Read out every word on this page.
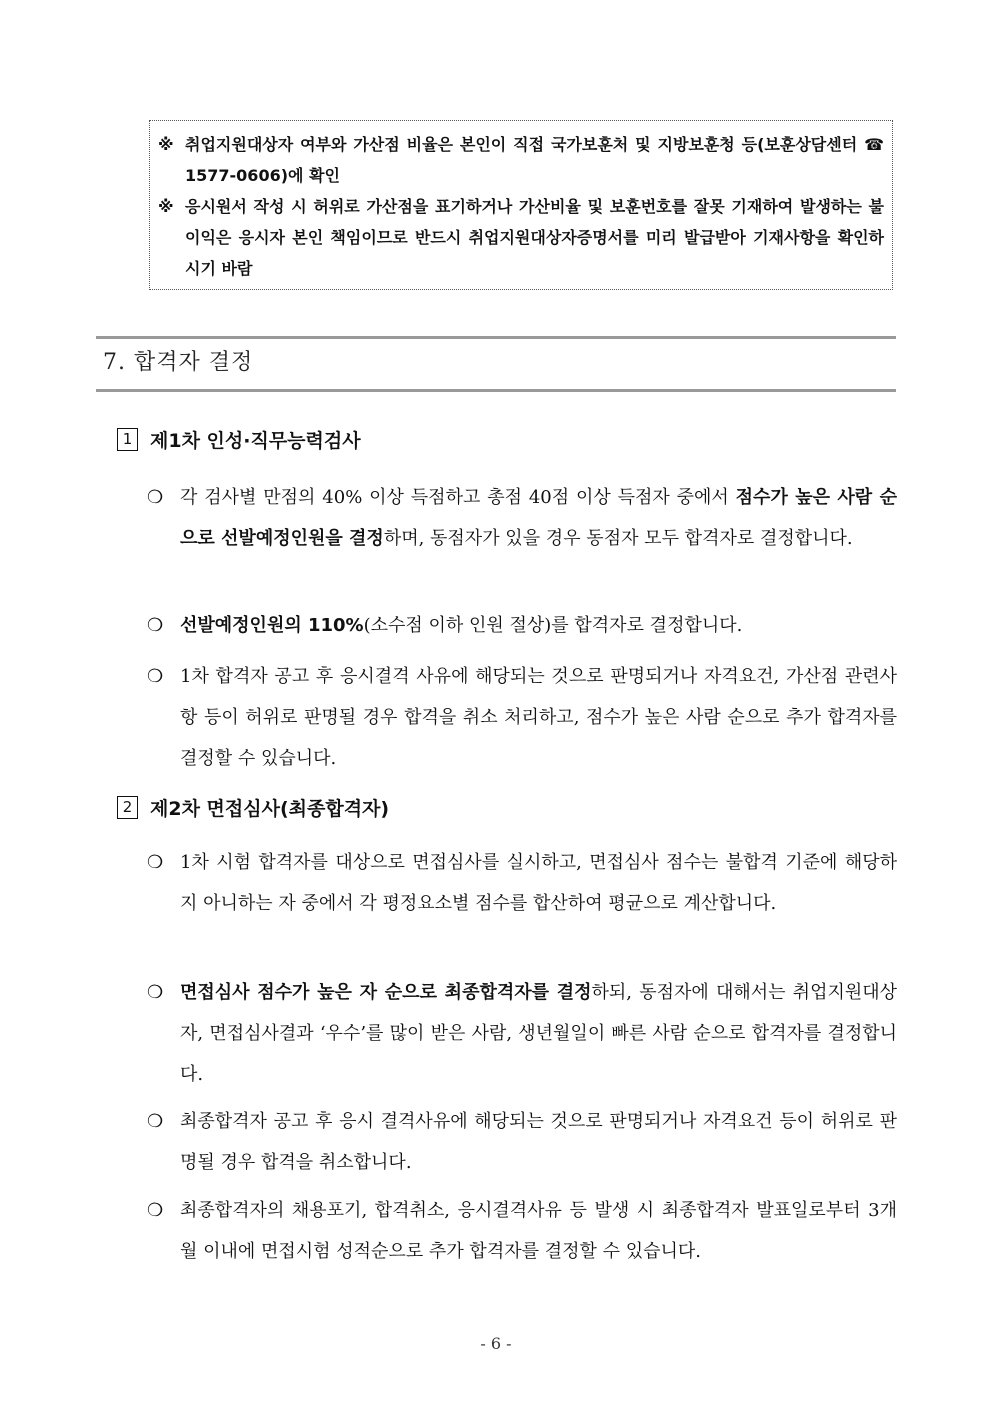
※ 취업지원대상자 여부와 가산점 비율은 본인이 직접 국가보훈처 및 지방보훈청 등(보훈상담센터 ☎ 1577-0606)에 확인
※ 응시원서 작성 시 허위로 가산점을 표기하거나 가산비율 및 보훈번호를 잘못 기재하여 발생하는 불이익은 응시자 본인 책임이므로 반드시 취업지원대상자증명서를 미리 발급받아 기재사항을 확인하시기 바람
7. 합격자 결정
1 제1차 인성·직무능력검사
❍ 각 검사별 만점의 40% 이상 득점하고 총점 40점 이상 득점자 중에서 점수가 높은 사람 순으로 선발예정인원을 결정하며, 동점자가 있을 경우 동점자 모두 합격자로 결정합니다.
❍ 선발예정인원의 110%(소수점 이하 인원 절상)를 합격자로 결정합니다.
❍ 1차 합격자 공고 후 응시결격 사유에 해당되는 것으로 판명되거나 자격요건, 가산점 관련사항 등이 허위로 판명될 경우 합격을 취소 처리하고, 점수가 높은 사람 순으로 추가 합격자를 결정할 수 있습니다.
2 제2차 면접심사(최종합격자)
❍ 1차 시험 합격자를 대상으로 면접심사를 실시하고, 면접심사 점수는 불합격 기준에 해당하지 아니하는 자 중에서 각 평정요소별 점수를 합산하여 평균으로 계산합니다.
❍ 면접심사 점수가 높은 자 순으로 최종합격자를 결정하되, 동점자에 대해서는 취업지원대상자, 면접심사결과 ‘우수’를 많이 받은 사람, 생년월일이 빠른 사람 순으로 합격자를 결정합니다.
❍ 최종합격자 공고 후 응시 결격사유에 해당되는 것으로 판명되거나 자격요건 등이 허위로 판명될 경우 합격을 취소합니다.
❍ 최종합격자의 채용포기, 합격취소, 응시결격사유 등 발생 시 최종합격자 발표일로부터 3개월 이내에 면접시험 성적순으로 추가 합격자를 결정할 수 있습니다.
- 6 -
